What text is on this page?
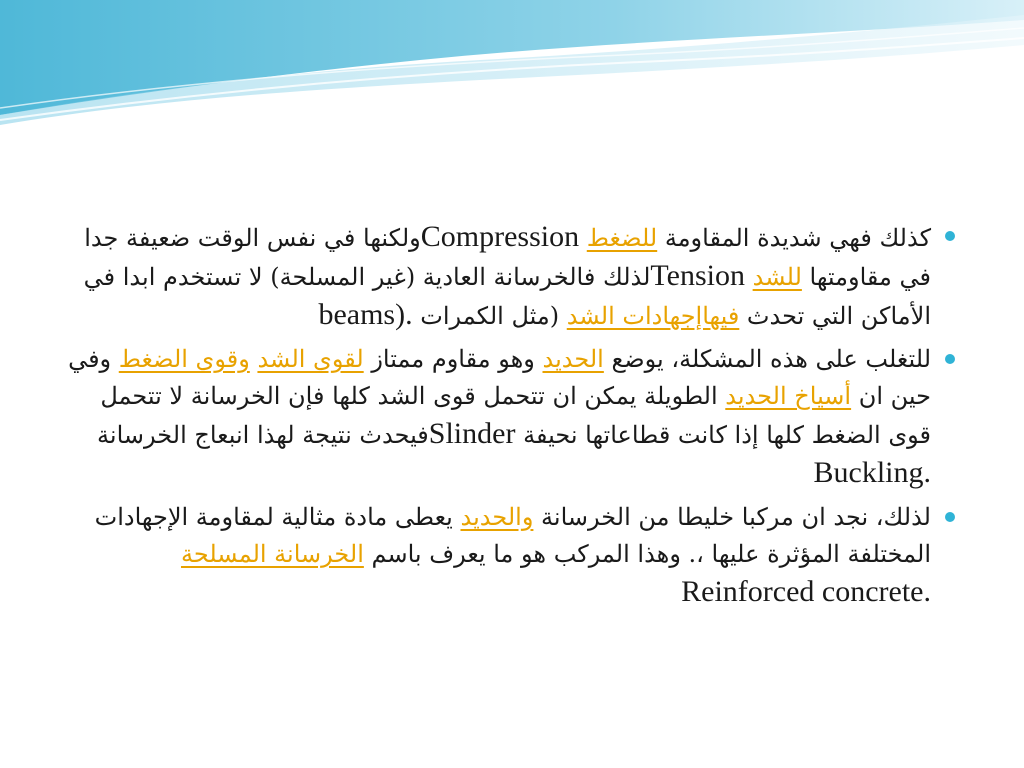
كذلك فهي شديدة المقاومة للضغط Compressionولكنها في نفس الوقت ضعيفة جدا في مقاومتها للشد Tensionلذلك فالخرسانة العادية (غير المسلحة) لا تستخدم ابدا في الأماكن التي تحدث فيهاإجهادات الشد (مثل الكمرات beams).
للتغلب على هذه المشكلة، يوضع الحديد وهو مقاوم ممتاز لقوى الشد وقوى الضغط وفي حين ان أسياخ الحديد الطويلة يمكن ان تتحمل قوى الشد كلها فإن الخرسانة لا تتحمل قوى الضغط كلها إذا كانت قطاعاتها نحيفة Slinderفيحدث نتيجة لهذا انبعاج الخرسانة Buckling.
لذلك، نجد ان مركبا خليطا من الخرسانة والحديد يعطى مادة مثالية لمقاومة الإجهادات المختلفة المؤثرة عليها ،. وهذا المركب هو ما يعرف باسم الخرسانة المسلحة Reinforced concrete.
